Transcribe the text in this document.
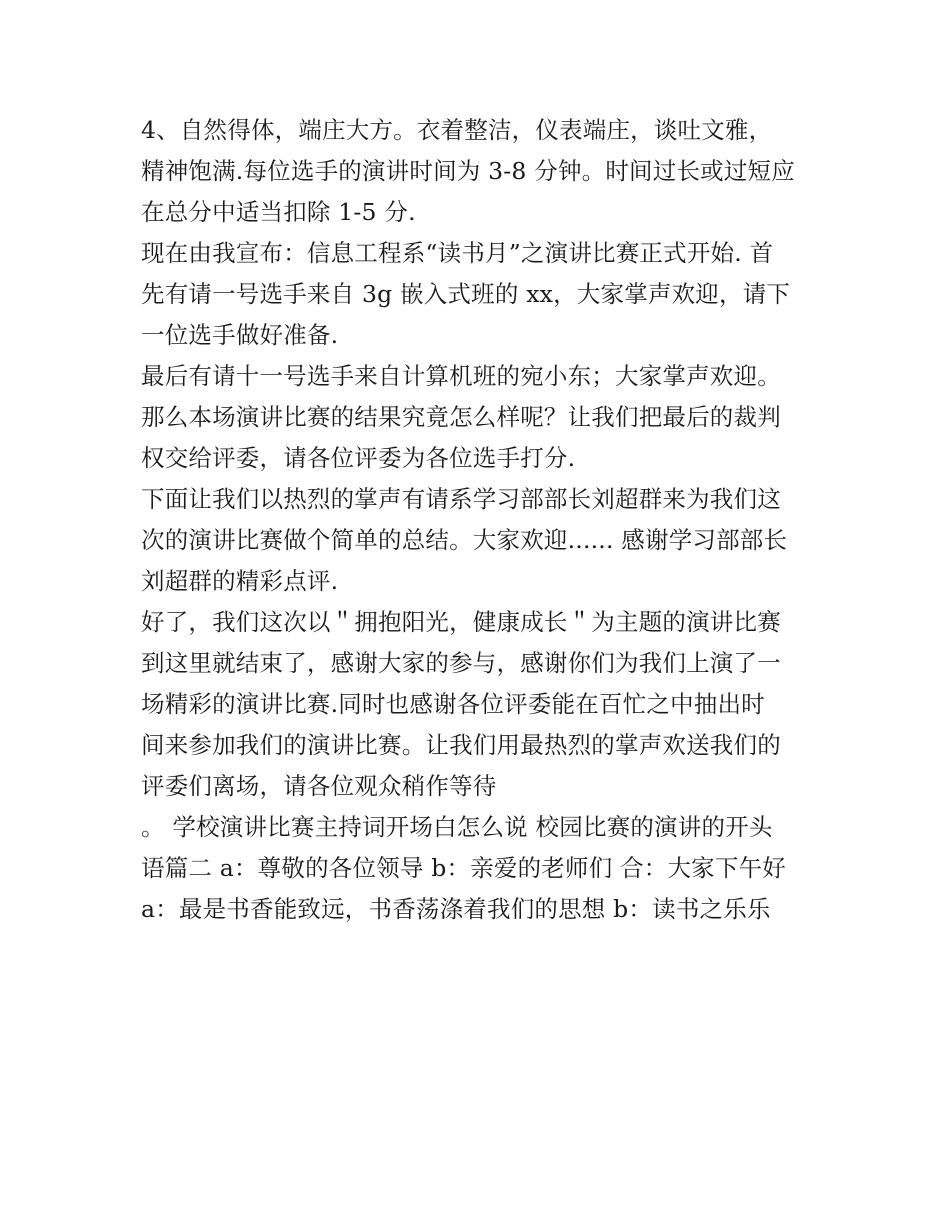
4、自然得体，端庄大方。衣着整洁，仪表端庄，谈吐文雅，
精神饱满.每位选手的演讲时间为 3-8 分钟。时间过长或过短应
在总分中适当扣除 1-5 分.
现在由我宣布：信息工程系“读书月”之演讲比赛正式开始. 首
先有请一号选手来自 3g 嵌入式班的 xx，大家掌声欢迎，请下
一位选手做好准备.
最后有请十一号选手来自计算机班的宛小东；大家掌声欢迎。
那么本场演讲比赛的结果究竟怎么样呢？让我们把最后的裁判
权交给评委，请各位评委为各位选手打分.
下面让我们以热烈的掌声有请系学习部部长刘超群来为我们这
次的演讲比赛做个简单的总结。大家欢迎...... 感谢学习部部长
刘超群的精彩点评.
好了，我们这次以＂拥抱阳光，健康成长＂为主题的演讲比赛
到这里就结束了，感谢大家的参与，感谢你们为我们上演了一
场精彩的演讲比赛.同时也感谢各位评委能在百忙之中抽出时
间来参加我们的演讲比赛。让我们用最热烈的掌声欢送我们的
评委们离场，请各位观众稍作等待
。 学校演讲比赛主持词开场白怎么说 校园比赛的演讲的开头
语篇二 a：尊敬的各位领导 b：亲爱的老师们 合：大家下午好
a：最是书香能致远，书香荡涤着我们的思想 b：读书之乐乐
